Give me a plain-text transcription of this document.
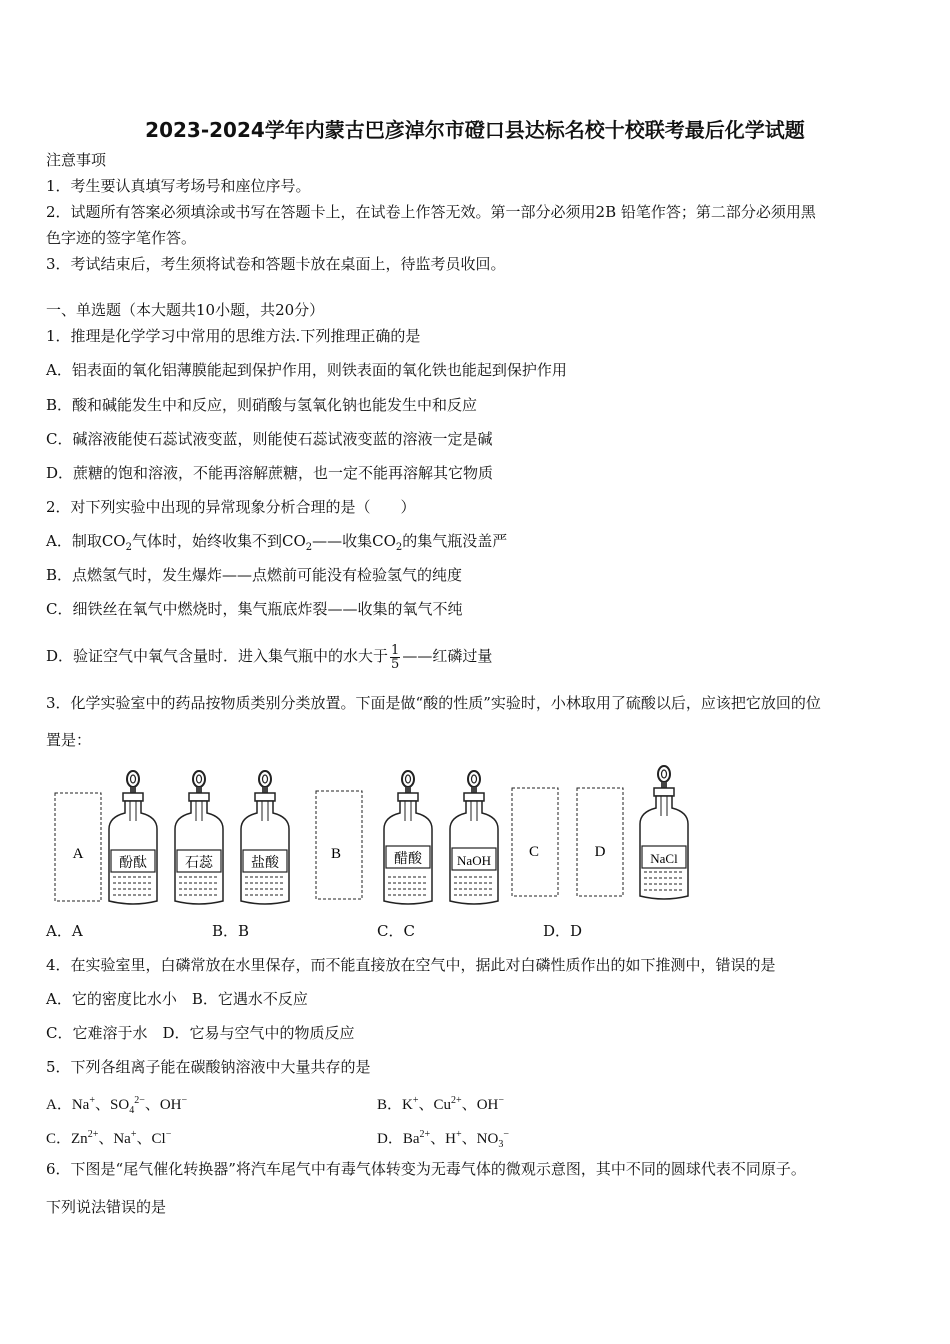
2023-2024学年内蒙古巴彦淖尔市磴口县达标名校十校联考最后化学试题
注意事项
1．考生要认真填写考场号和座位序号。
2．试题所有答案必须填涂或书写在答题卡上，在试卷上作答无效。第一部分必须用2B 铅笔作答；第二部分必须用黑
色字迹的签字笔作答。
3．考试结束后，考生须将试卷和答题卡放在桌面上，待监考员收回。
一、单选题（本大题共10小题，共20分）
1．推理是化学学习中常用的思维方法.下列推理正确的是
A．铝表面的氧化铝薄膜能起到保护作用，则铁表面的氧化铁也能起到保护作用
B．酸和碱能发生中和反应，则硝酸与氢氧化钠也能发生中和反应
C．碱溶液能使石蕊试液变蓝，则能使石蕊试液变蓝的溶液一定是碱
D．蔗糖的饱和溶液，不能再溶解蔗糖，也一定不能再溶解其它物质
2．对下列实验中出现的异常现象分析合理的是（　　）
A．制取$CO_2$气体时，始终收集不到$CO_2——$收集$CO_2$的集气瓶没盖严
B．点燃氢气时，发生爆炸——点燃前可能没有检验氢气的纯度
C．细铁丝在氧气中燃烧时，集气瓶底炸裂——收集的氧气不纯
D．验证空气中氧气含量时．进入集气瓶中的水大于 $\frac{1}{5}$ ——红磷过量
3．化学实验室中的药品按物质类别分类放置。下面是做“酸的性质”实验时，小林取用了硫酸以后，应该把它放回的位
置是：
A
酚酞	石蕊	盐酸
B	醋酸	NaOH
C	D	NaCl
A．A	B．B	C．C	D．D
4．在实验室里，白磷常放在水里保存，而不能直接放在空气中，据此对白磷性质作出的如下推测中，错误的是
A．它的密度比水小　B．它遇水不反应
C．它难溶于水　D．它易与空气中的物质反应
5．下列各组离子能在碳酸钠溶液中大量共存的是
A．Na+、$SO_4^{2-}$、OH−	B．K+、$Cu^{2+}$、OH−
C．$Zn^{2+}$、Na+、Cl−	D．$Ba^{2+}$、H+、$NO_3^-$
6．下图是“尾气催化转换器”将汽车尾气中有毒气体转变为无毒气体的微观示意图，其中不同的圆球代表不同原子。
下列说法错误的是
